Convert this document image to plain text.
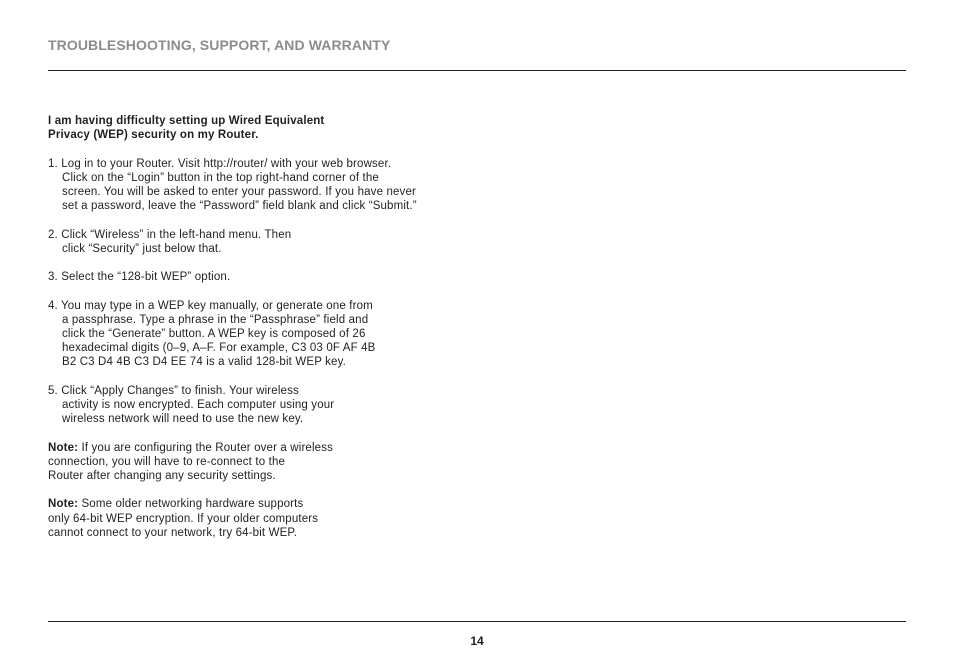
TROUBLESHOOTING, SUPPORT, AND WARRANTY
I am having difficulty setting up Wired Equivalent
Privacy (WEP) security on my Router.
1. Log in to your Router. Visit http://router/ with your web browser.
Click on the “Login” button in the top right-hand corner of the
screen. You will be asked to enter your password. If you have never
set a password, leave the “Password” field blank and click “Submit.”
2. Click “Wireless” in the left-hand menu. Then
click “Security” just below that.
3. Select the “128-bit WEP” option.
4. You may type in a WEP key manually, or generate one from
a passphrase. Type a phrase in the “Passphrase” field and
click the “Generate” button. A WEP key is composed of 26
hexadecimal digits (0–9, A–F. For example, C3 03 0F AF 4B
B2 C3 D4 4B C3 D4 EE 74 is a valid 128-bit WEP key.
5. Click “Apply Changes” to finish. Your wireless
activity is now encrypted. Each computer using your
wireless network will need to use the new key.
Note: If you are configuring the Router over a wireless
connection, you will have to re-connect to the
Router after changing any security settings.
Note: Some older networking hardware supports
only 64-bit WEP encryption. If your older computers
cannot connect to your network, try 64-bit WEP.
14
